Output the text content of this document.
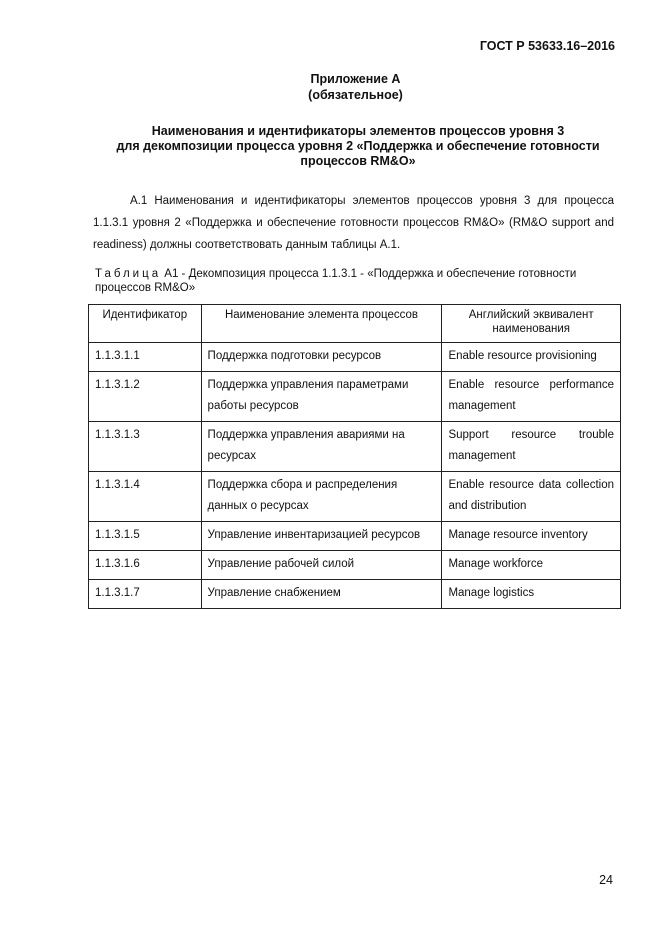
ГОСТ Р 53633.16–2016
Приложение А
(обязательное)
Наименования и идентификаторы элементов процессов уровня 3
для декомпозиции процесса уровня 2 «Поддержка и обеспечение готовности
процессов RM&O»

А.1 Наименования и идентификаторы элементов процессов уровня 3 для процесса 1.1.3.1 уровня 2 «Поддержка и обеспечение готовности процессов RM&O» (RM&O support and readiness) должны соответствовать данным таблицы А.1.

Таблица А1 - Декомпозиция процесса 1.1.3.1 - «Поддержка и обеспечение готовности процессов RM&O»

Идентификатор	Наименование элемента процессов	Английский эквивалент наименования
1.1.3.1.1	Поддержка подготовки ресурсов	Enable resource provisioning
1.1.3.1.2	Поддержка управления параметрами работы ресурсов	Enable resource performance management
1.1.3.1.3	Поддержка управления авариями на ресурсах	Support resource trouble management
1.1.3.1.4	Поддержка сбора и распределения данных о ресурсах	Enable resource data collection and distribution
1.1.3.1.5	Управление инвентаризацией ресурсов	Manage resource inventory
1.1.3.1.6	Управление рабочей силой	Manage workforce
1.1.3.1.7	Управление снабжением	Manage logistics
24
